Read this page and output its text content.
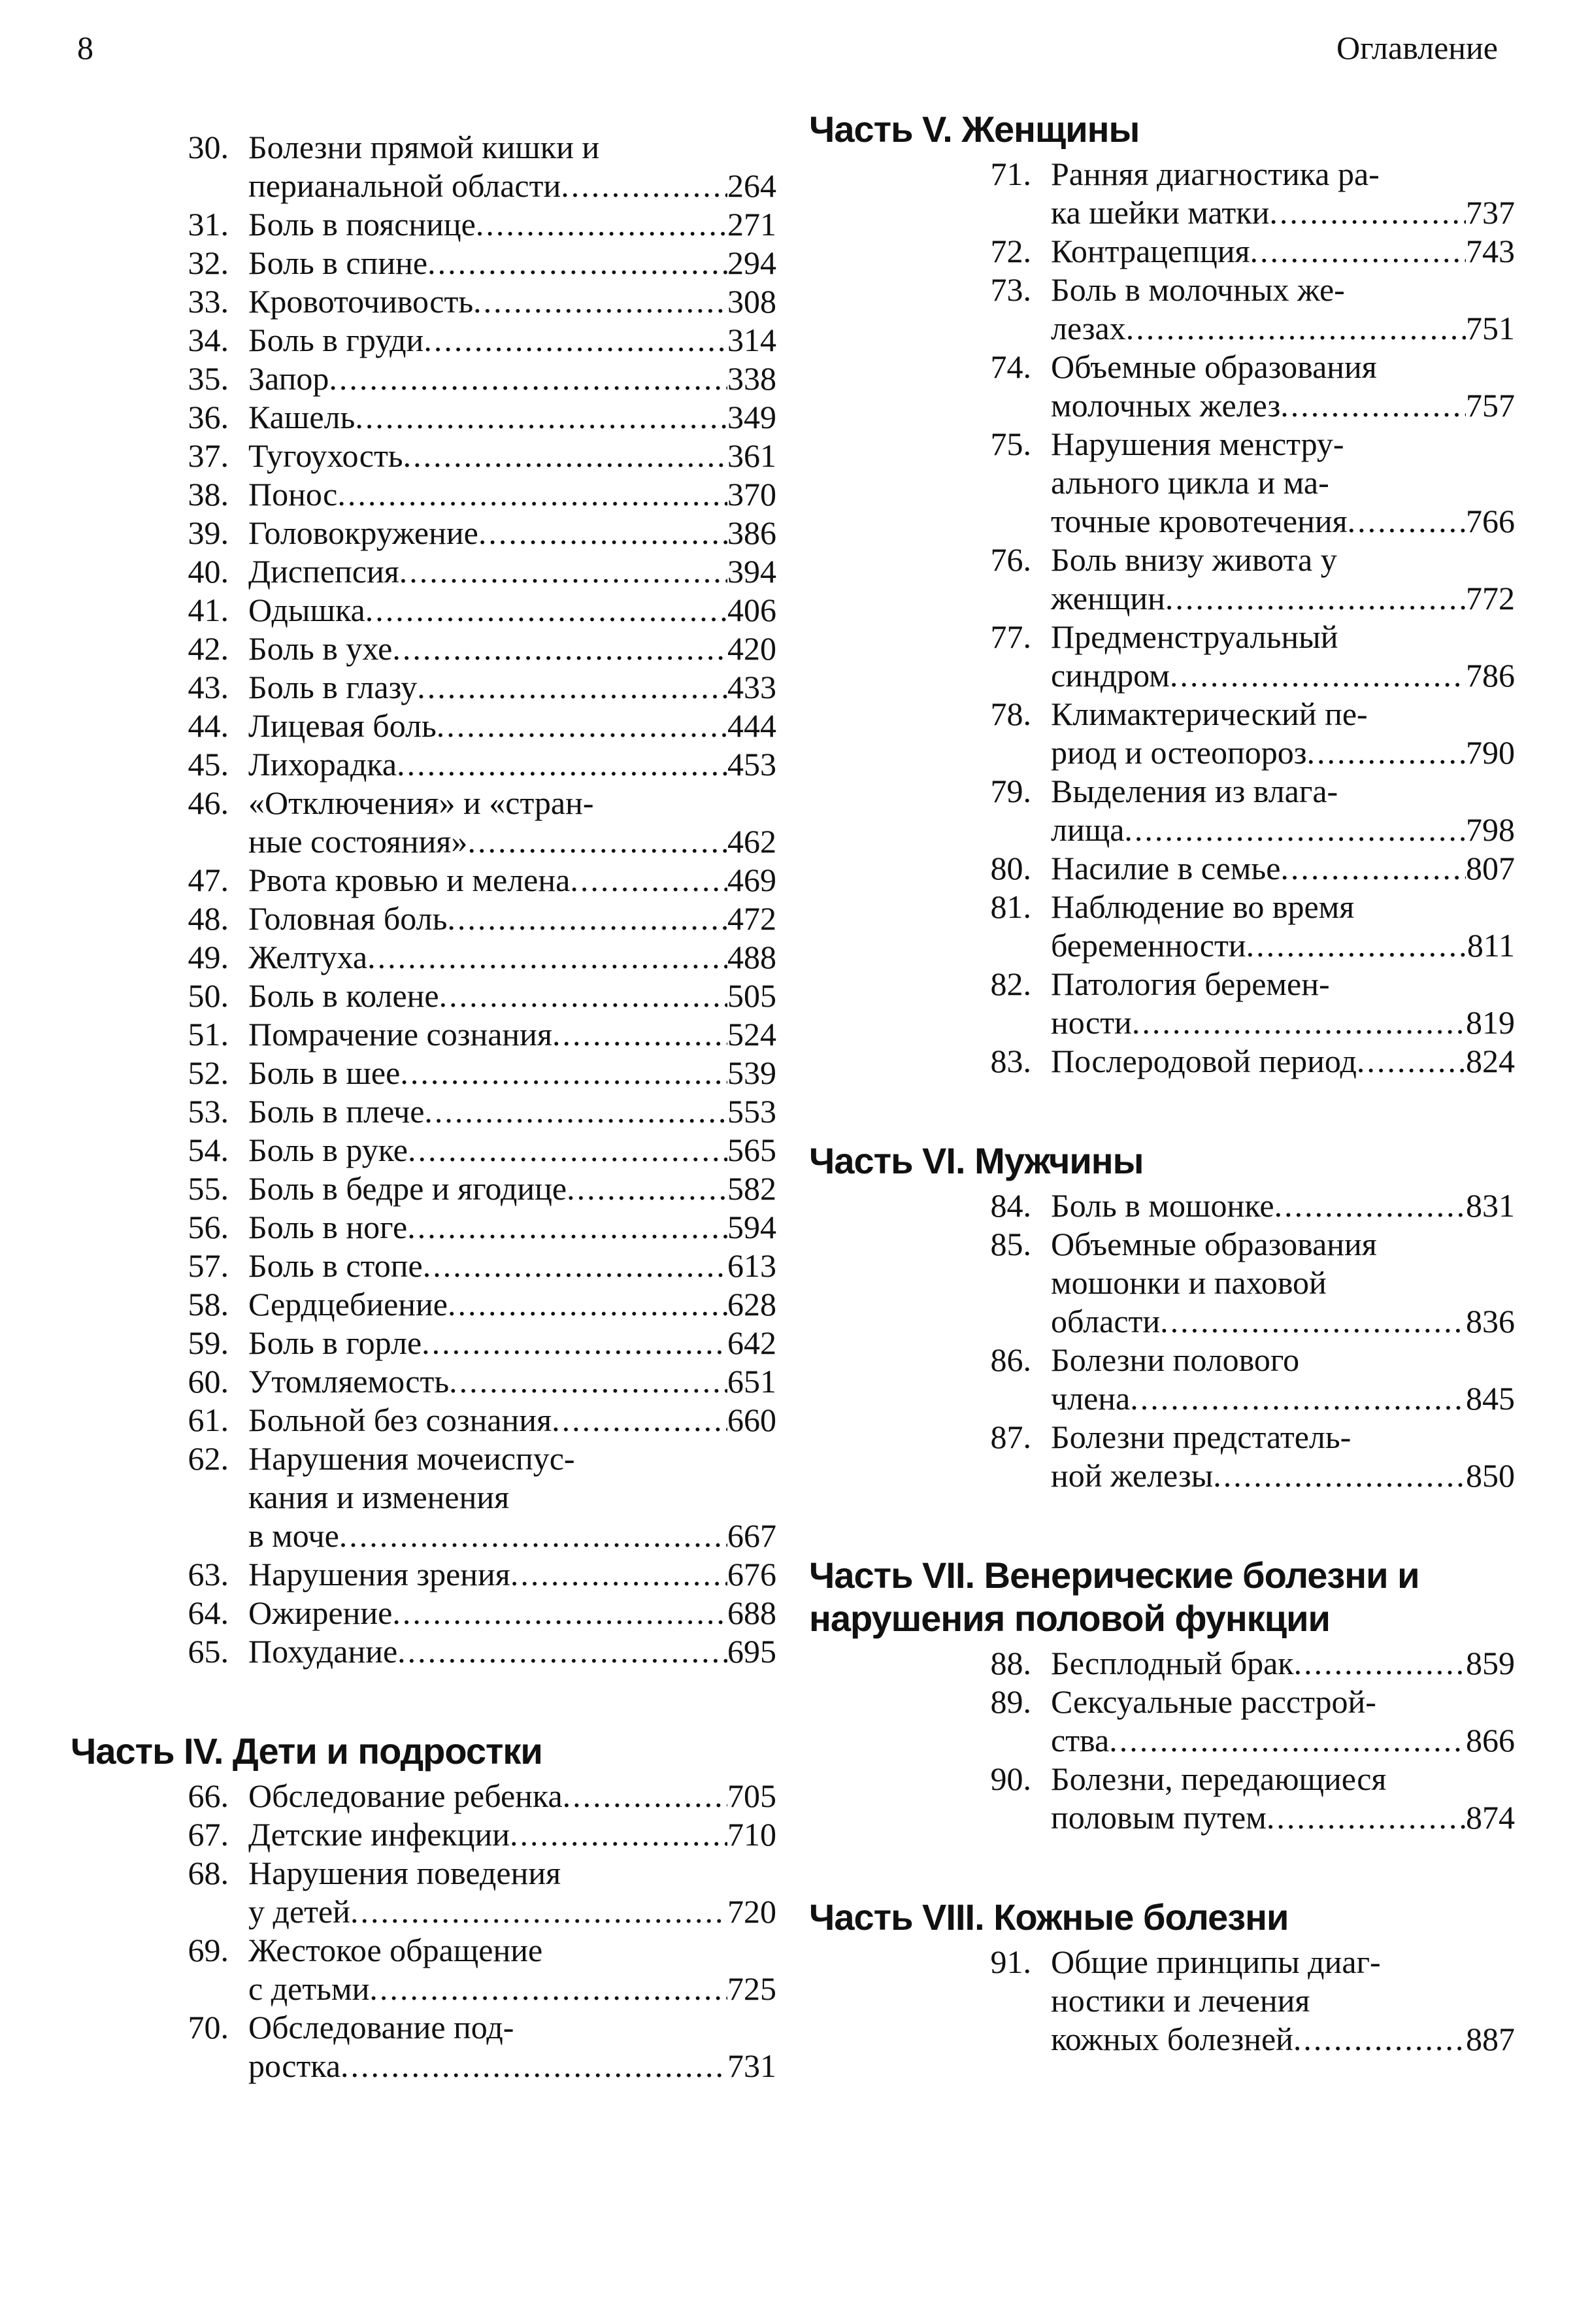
8	Оглавление
30. Болезни прямой кишки и
перианальной области .....	264
31. Боль в пояснице .....	271
32. Боль в спине .....	294
33. Кровоточивость .....	308
34. Боль в груди .....	314
35. Запор .....	338
36. Кашель .....	349
37. Тугоухость .....	361
38. Понос .....	370
39. Головокружение .....	386
40. Диспепсия .....	394
41. Одышка .....	406
42. Боль в ухе .....	420
43. Боль в глазу .....	433
44. Лицевая боль .....	444
45. Лихорадка .....	453
46. «Отключения» и «стран-
ные состояния» .....	462
47. Рвота кровью и мелена .....	469
48. Головная боль .....	472
49. Желтуха .....	488
50. Боль в колене .....	505
51. Помрачение сознания .....	524
52. Боль в шее .....	539
53. Боль в плече .....	553
54. Боль в руке .....	565
55. Боль в бедре и ягодице .....	582
56. Боль в ноге .....	594
57. Боль в стопе .....	613
58. Сердцебиение .....	628
59. Боль в горле .....	642
60. Утомляемость .....	651
61. Больной без сознания .....	660
62. Нарушения мочеиспус-
кания и изменения
в моче .....	667
63. Нарушения зрения .....	676
64. Ожирение .....	688
65. Похудание .....	695
Часть IV. Дети и подростки
66. Обследование ребенка .....	705
67. Детские инфекции .....	710
68. Нарушения поведения
у детей .....	720
69. Жестокое обращение
с детьми .....	725
70. Обследование под-
ростка .....	731
Часть V. Женщины
71. Ранняя диагностика ра-
ка шейки матки .....	737
72. Контрацепция .....	743
73. Боль в молочных же-
лезах .....	751
74. Объемные образования
молочных желез .....	757
75. Нарушения менстру-
ального цикла и ма-
точные кровотечения .....	766
76. Боль внизу живота у
женщин .....	772
77. Предменструальный
синдром .....	786
78. Климактерический пе-
риод и остеопороз .....	790
79. Выделения из влага-
лища .....	798
80. Насилие в семье .....	807
81. Наблюдение во время
беременности .....	811
82. Патология беремен-
ности .....	819
83. Послеродовой период .....	824
Часть VI. Мужчины
84. Боль в мошонке .....	831
85. Объемные образования
мошонки и паховой
области .....	836
86. Болезни полового
члена .....	845
87. Болезни предстатель-
ной железы .....	850
Часть VII. Венерические болезни и нарушения половой функции
88. Бесплодный брак .....	859
89. Сексуальные расстрой-
ства .....	866
90. Болезни, передающиеся
половым путем .....	874
Часть VIII. Кожные болезни
91. Общие принципы диаг-
ностики и лечения
кожных болезней .....	887
